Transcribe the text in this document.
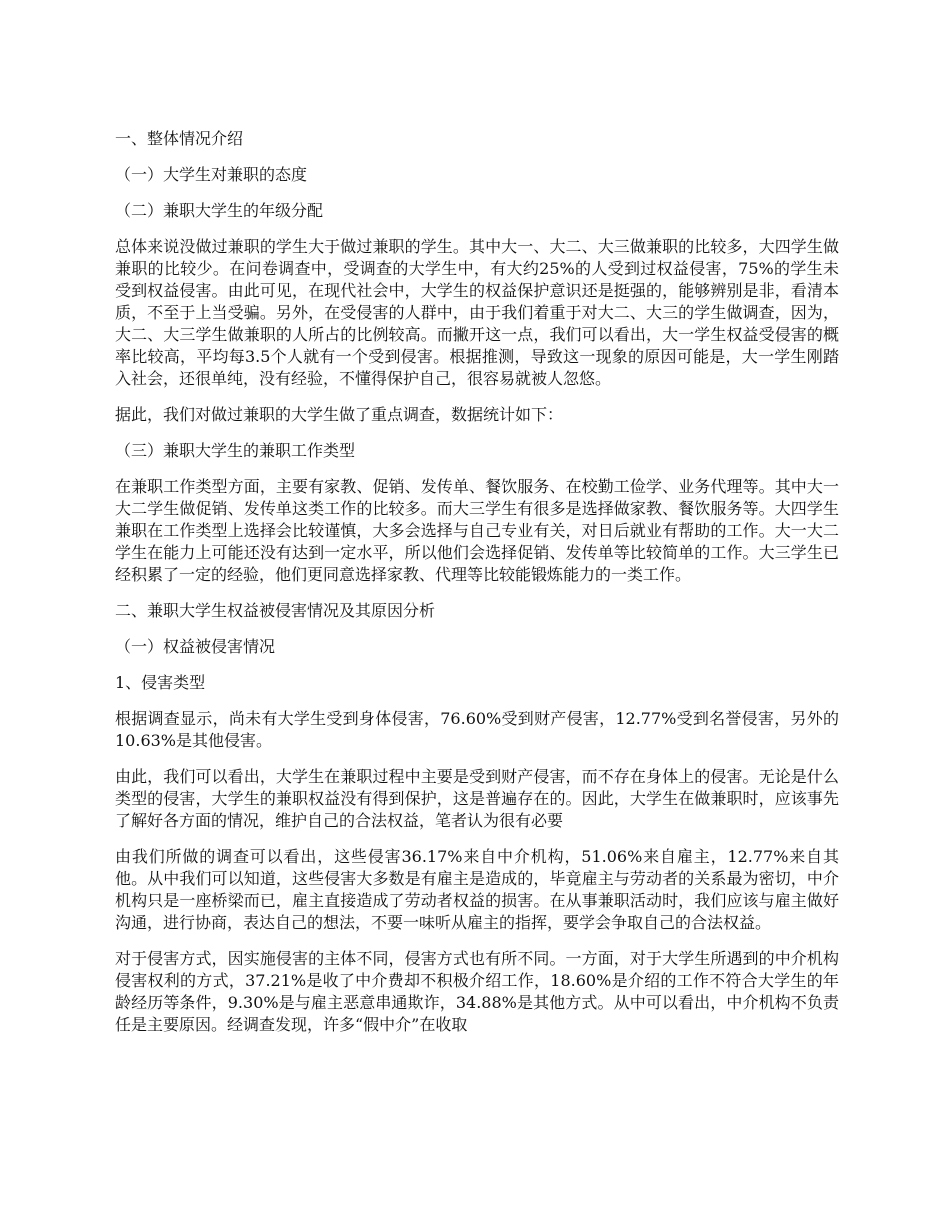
一、整体情况介绍
（一）大学生对兼职的态度
（二）兼职大学生的年级分配
总体来说没做过兼职的学生大于做过兼职的学生。其中大一、大二、大三做兼职的比较多，大四学生做兼职的比较少。在问卷调查中，受调查的大学生中，有大约25%的人受到过权益侵害，75%的学生未受到权益侵害。由此可见，在现代社会中，大学生的权益保护意识还是挺强的，能够辨别是非，看清本质，不至于上当受骗。另外，在受侵害的人群中，由于我们着重于对大二、大三的学生做调查，因为，大二、大三学生做兼职的人所占的比例较高。而撇开这一点，我们可以看出，大一学生权益受侵害的概率比较高，平均每3.5个人就有一个受到侵害。根据推测，导致这一现象的原因可能是，大一学生刚踏入社会，还很单纯，没有经验，不懂得保护自己，很容易就被人忽悠。
据此，我们对做过兼职的大学生做了重点调查，数据统计如下：
（三）兼职大学生的兼职工作类型
在兼职工作类型方面，主要有家教、促销、发传单、餐饮服务、在校勤工俭学、业务代理等。其中大一大二学生做促销、发传单这类工作的比较多。而大三学生有很多是选择做家教、餐饮服务等。大四学生兼职在工作类型上选择会比较谨慎，大多会选择与自己专业有关，对日后就业有帮助的工作。大一大二学生在能力上可能还没有达到一定水平，所以他们会选择促销、发传单等比较简单的工作。大三学生已经积累了一定的经验，他们更同意选择家教、代理等比较能锻炼能力的一类工作。
二、兼职大学生权益被侵害情况及其原因分析
（一）权益被侵害情况
1、侵害类型
根据调查显示，尚未有大学生受到身体侵害，76.60%受到财产侵害，12.77%受到名誉侵害，另外的10.63%是其他侵害。
由此，我们可以看出，大学生在兼职过程中主要是受到财产侵害，而不存在身体上的侵害。无论是什么类型的侵害，大学生的兼职权益没有得到保护，这是普遍存在的。因此，大学生在做兼职时，应该事先了解好各方面的情况，维护自己的合法权益，笔者认为很有必要
由我们所做的调查可以看出，这些侵害36.17%来自中介机构，51.06%来自雇主，12.77%来自其他。从中我们可以知道，这些侵害大多数是有雇主是造成的，毕竟雇主与劳动者的关系最为密切，中介机构只是一座桥梁而已，雇主直接造成了劳动者权益的损害。在从事兼职活动时，我们应该与雇主做好沟通，进行协商，表达自己的想法，不要一味听从雇主的指挥，要学会争取自己的合法权益。
对于侵害方式，因实施侵害的主体不同，侵害方式也有所不同。一方面，对于大学生所遇到的中介机构侵害权利的方式，37.21%是收了中介费却不积极介绍工作，18.60%是介绍的工作不符合大学生的年龄经历等条件，9.30%是与雇主恶意串通欺诈，34.88%是其他方式。从中可以看出，中介机构不负责任是主要原因。经调查发现，许多“假中介”在收取
